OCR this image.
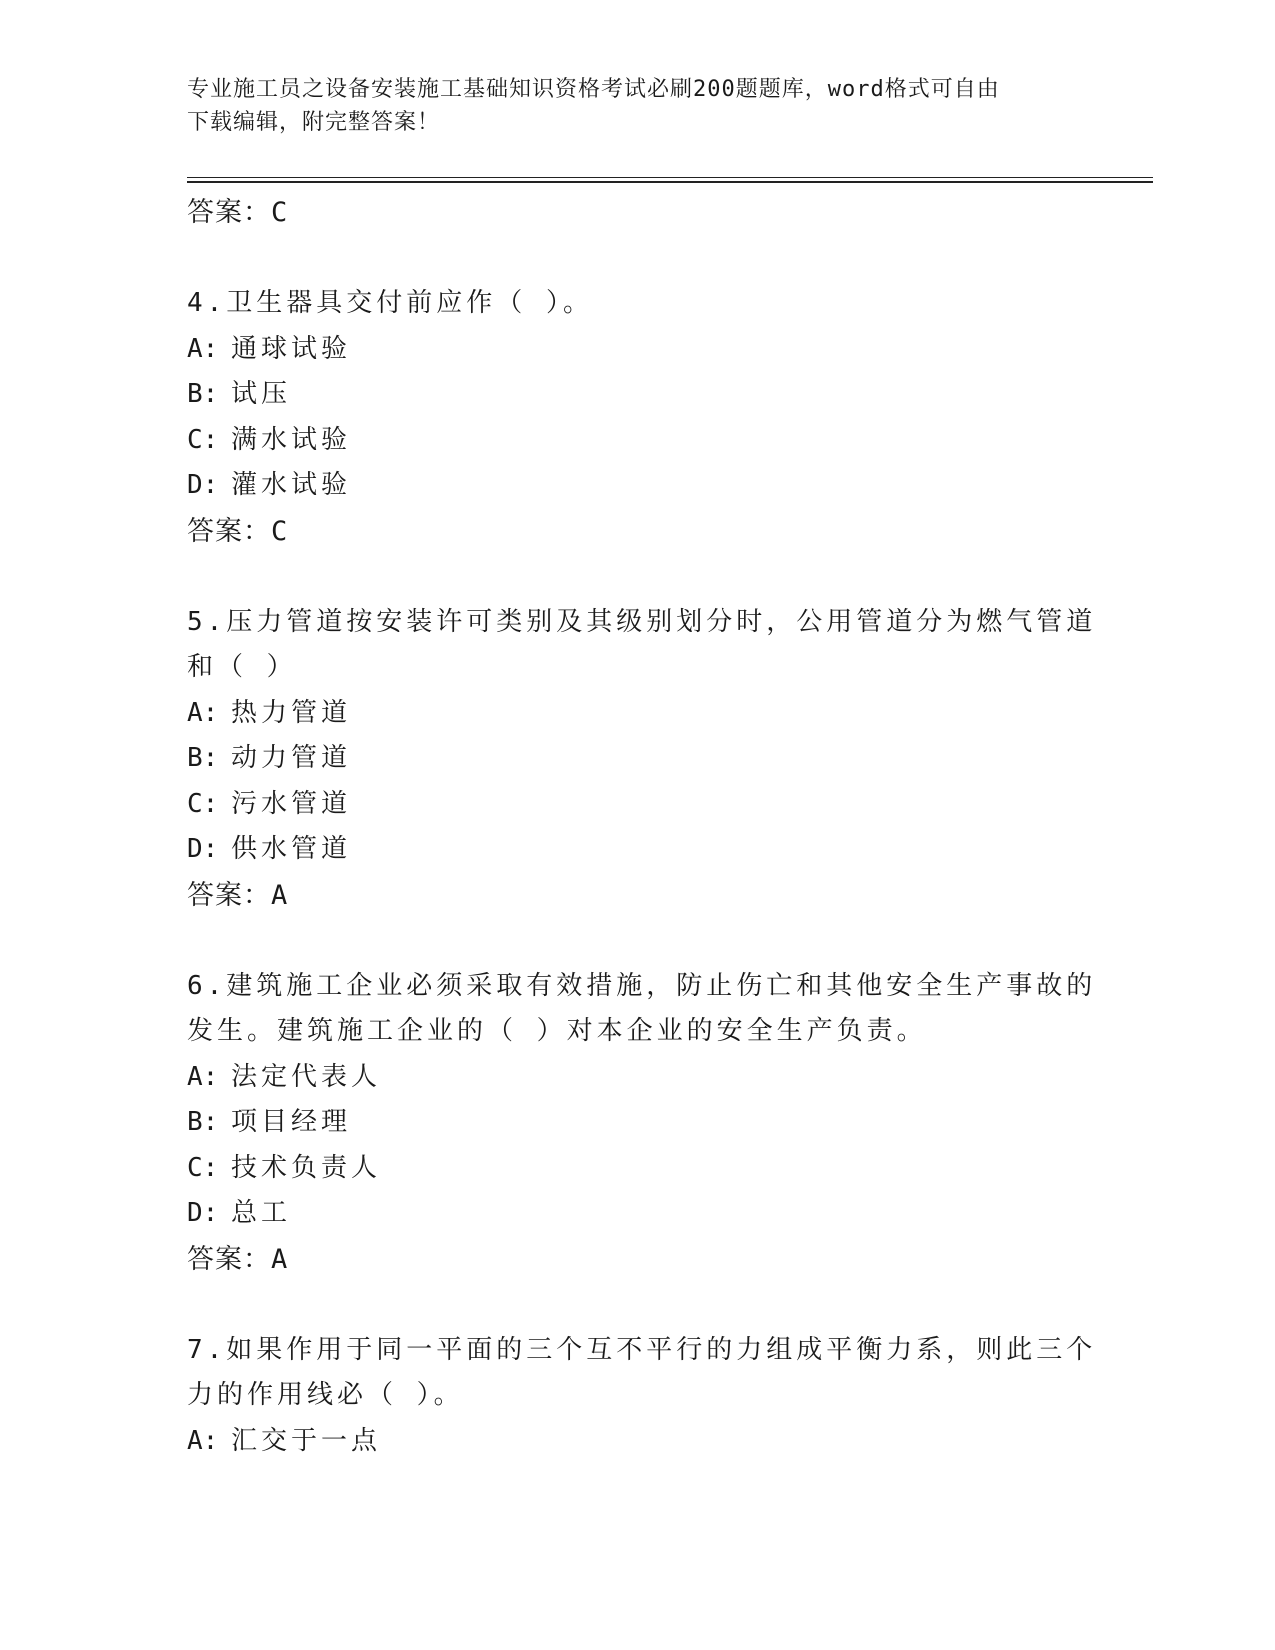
专业施工员之设备安装施工基础知识资格考试必刷200题题库，word格式可自由
下载编辑，附完整答案！
答案：C
4.卫生器具交付前应作（ ）。
A: 通球试验
B: 试压
C: 满水试验
D: 灌水试验
答案：C
5.压力管道按安装许可类别及其级别划分时，公用管道分为燃气管道
和（ ）
A: 热力管道
B: 动力管道
C: 污水管道
D: 供水管道
答案：A
6.建筑施工企业必须采取有效措施，防止伤亡和其他安全生产事故的
发生。建筑施工企业的（ ）对本企业的安全生产负责。
A: 法定代表人
B: 项目经理
C: 技术负责人
D: 总工
答案：A
7.如果作用于同一平面的三个互不平行的力组成平衡力系，则此三个
力的作用线必（ ）。
A: 汇交于一点
